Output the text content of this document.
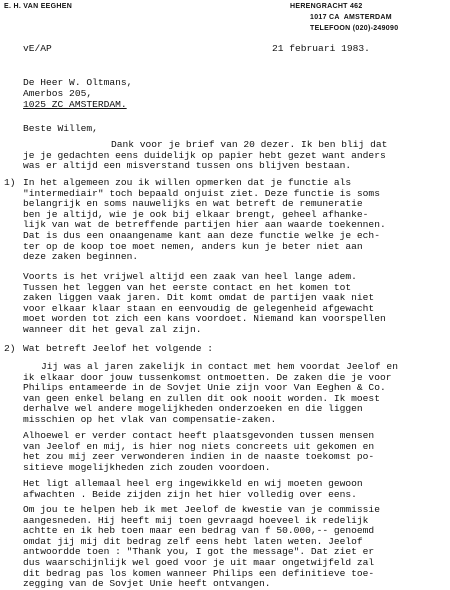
E. H. VAN EEGHEN	HERENGRACHT 462
1017 CA  AMSTERDAM
TELEFOON (020)-249090
vE/AP	21 februari 1983.
De Heer W. Oltmans,
Amerbos 205,
1025 ZC AMSTERDAM.
Beste Willem,
Dank voor je brief van 20 dezer. Ik ben blij dat
je je gedachten eens duidelijk op papier hebt gezet want anders
was er altijd een misverstand tussen ons blijven bestaan.
1) In het algemeen zou ik willen opmerken dat je functie als
"intermediair" toch bepaald onjuist ziet. Deze functie is soms
belangrijk en soms nauwelijks en wat betreft de remuneratie
ben je altijd, wie je ook bij elkaar brengt, geheel afhanke-
lijk van wat de betreffende partijen hier aan waarde toekennen.
Dat is dus een onaangename kant aan deze functie welke je ech-
ter op de koop toe moet nemen, anders kun je beter niet aan
deze zaken beginnen.
Voorts is het vrijwel altijd een zaak van heel lange adem.
Tussen het leggen van het eerste contact en het komen tot
zaken liggen vaak jaren. Dit komt omdat de partijen vaak niet
voor elkaar klaar staan en eenvoudig de gelegenheid afgewacht
moet worden tot zich een kans voordoet. Niemand kan voorspellen
wanneer dit het geval zal zijn.
2) Wat betreft Jeelof het volgende :
Jij was al jaren zakelijk in contact met hem voordat Jeelof en
ik elkaar door jouw tussenkomst ontmoetten. De zaken die je voor
Philips entameerde in de Sovjet Unie zijn voor Van Eeghen & Co.
van geen enkel belang en zullen dit ook nooit worden. Ik moest
derhalve wel andere mogelijkheden onderzoeken en die liggen
misschien op het vlak van compensatie-zaken.
Alhoewel er verder contact heeft plaatsgevonden tussen mensen
van Jeelof en mij, is hier nog niets concreets uit gekomen en
het zou mij zeer verwonderen indien in de naaste toekomst po-
sitieve mogelijkheden zich zouden voordoen.
Het ligt allemaal heel erg ingewikkeld en wij moeten gewoon
afwachten . Beide zijden zijn het hier volledig over eens.
Om jou te helpen heb ik met Jeelof de kwestie van je commissie
aangesneden. Hij heeft mij toen gevraagd hoeveel ik redelijk
achtte en ik heb toen maar een bedrag van f 50.000,-- genoemd
omdat jij mij dit bedrag zelf eens hebt laten weten. Jeelof
antwoordde toen : "Thank you, I got the message". Dat ziet er
dus waarschijnlijk wel goed voor je uit maar ongetwijfeld zal
dit bedrag pas los komen wanneer Philips een definitieve toe-
zegging van de Sovjet Unie heeft ontvangen.
